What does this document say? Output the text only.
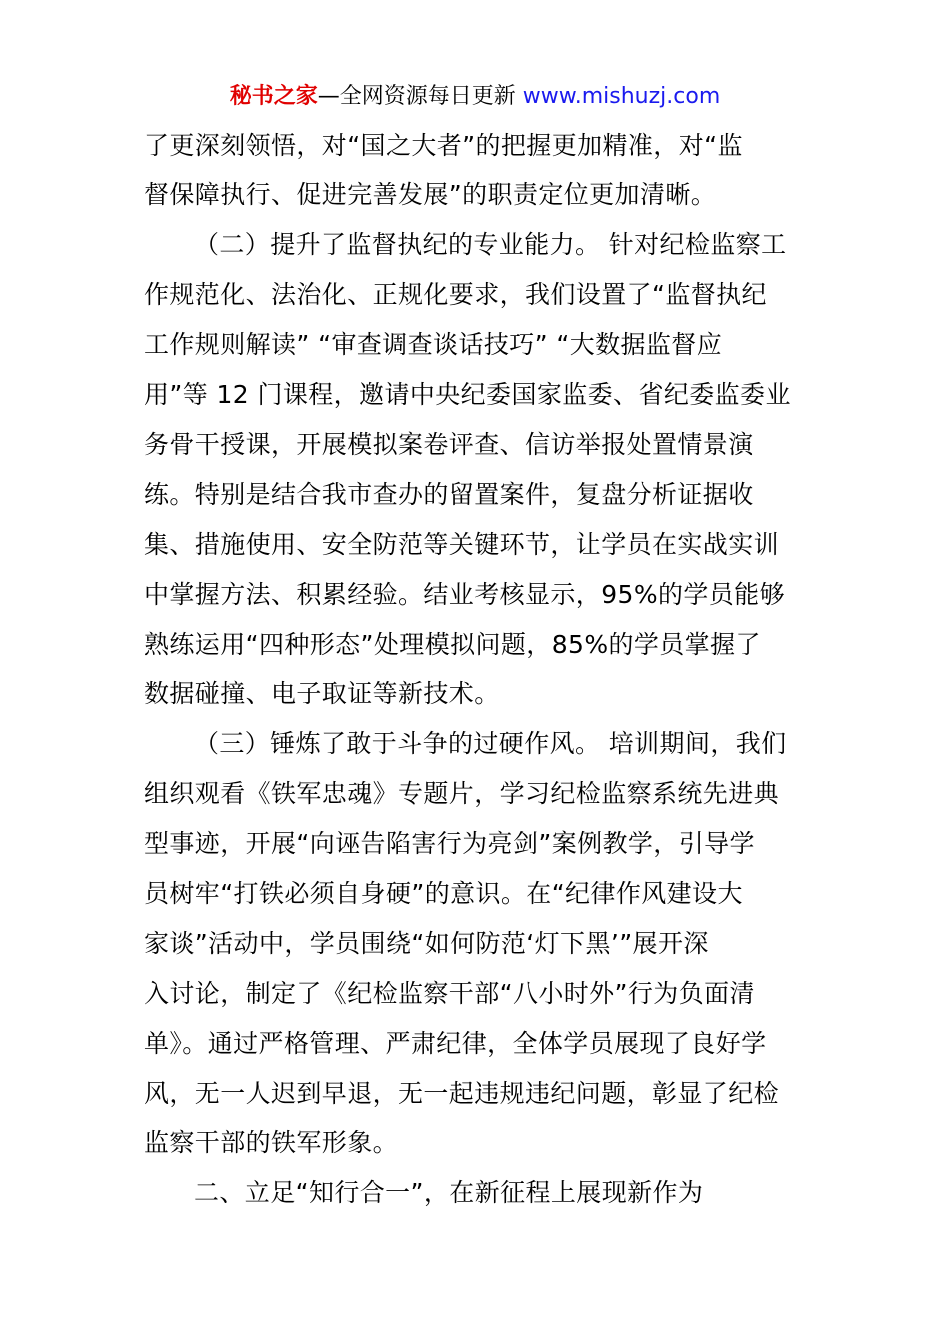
秘书之家—全网资源每日更新 www.mishuzj.com
了更深刻领悟，对“国之大者”的把握更加精准，对“监
督保障执行、促进完善发展”的职责定位更加清晰。
（二）提升了监督执纪的专业能力。 针对纪检监察工
作规范化、法治化、正规化要求，我们设置了“监督执纪
工作规则解读” “审查调查谈话技巧” “大数据监督应
用”等 12 门课程，邀请中央纪委国家监委、省纪委监委业
务骨干授课，开展模拟案卷评查、信访举报处置情景演
练。特别是结合我市查办的留置案件，复盘分析证据收
集、措施使用、安全防范等关键环节，让学员在实战实训
中掌握方法、积累经验。结业考核显示，95%的学员能够
熟练运用“四种形态”处理模拟问题，85%的学员掌握了
数据碰撞、电子取证等新技术。
（三）锤炼了敢于斗争的过硬作风。 培训期间，我们
组织观看《铁军忠魂》专题片，学习纪检监察系统先进典
型事迹，开展“向诬告陷害行为亮剑”案例教学，引导学
员树牢“打铁必须自身硬”的意识。在“纪律作风建设大
家谈”活动中，学员围绕“如何防范‘灯下黑’”展开深
入讨论，制定了《纪检监察干部“八小时外”行为负面清
单》。通过严格管理、严肃纪律，全体学员展现了良好学
风，无一人迟到早退，无一起违规违纪问题，彰显了纪检
监察干部的铁军形象。
二、立足“知行合一”，在新征程上展现新作为
